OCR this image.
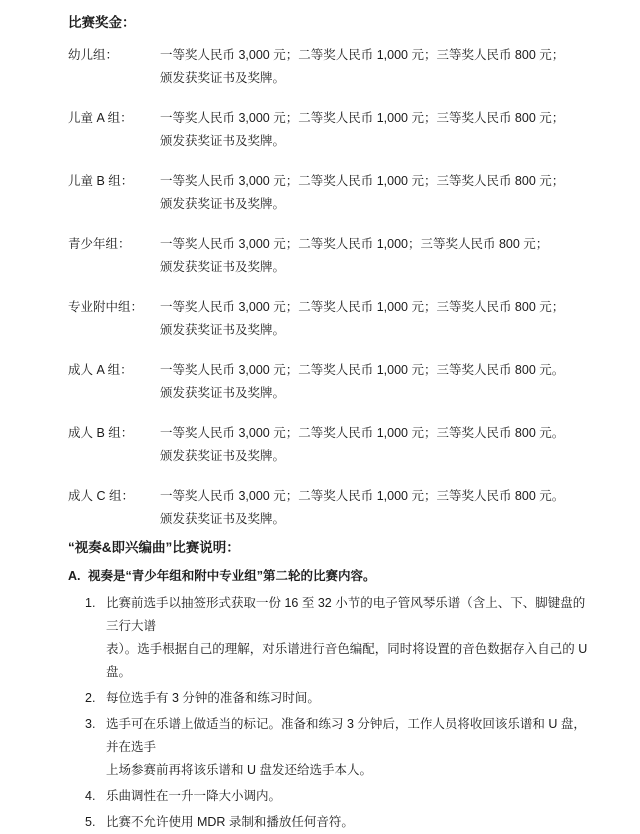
比赛奖金：
幼儿组：	一等奖人民币 3,000 元；二等奖人民币 1,000 元；三等奖人民币 800 元；
颁发获奖证书及奖牌。
儿童 A 组：	一等奖人民币 3,000 元；二等奖人民币 1,000 元；三等奖人民币 800 元；
颁发获奖证书及奖牌。
儿童 B 组：	一等奖人民币 3,000 元；二等奖人民币 1,000 元；三等奖人民币 800 元；
颁发获奖证书及奖牌。
青少年组：	一等奖人民币 3,000 元；二等奖人民币 1,000；三等奖人民币 800 元；
颁发获奖证书及奖牌。
专业附中组：	一等奖人民币 3,000 元；二等奖人民币 1,000 元；三等奖人民币 800 元；
颁发获奖证书及奖牌。
成人 A 组：	一等奖人民币 3,000 元；二等奖人民币 1,000 元；三等奖人民币 800 元。
颁发获奖证书及奖牌。
成人 B 组：	一等奖人民币 3,000 元；二等奖人民币 1,000 元；三等奖人民币 800 元。
颁发获奖证书及奖牌。
成人 C 组：	一等奖人民币 3,000 元；二等奖人民币 1,000 元；三等奖人民币 800 元。
颁发获奖证书及奖牌。
“视奏&即兴编曲”比赛说明：
A. 视奏是“青少年组和附中专业组”第二轮的比赛内容。
1. 比赛前选手以抽签形式获取一份 16 至 32 小节的电子管风琴乐谱（含上、下、脚键盘的三行大谱
表）。选手根据自己的理解，对乐谱进行音色编配，同时将设置的音色数据存入自己的 U 盘。
2. 每位选手有 3 分钟的准备和练习时间。
3. 选手可在乐谱上做适当的标记。准备和练习 3 分钟后，工作人员将收回该乐谱和 U 盘，并在选手
上场参赛前再将该乐谱和 U 盘发还给选手本人。
4. 乐曲调性在一升一降大小调内。
5. 比赛不允许使用 MDR 录制和播放任何音符。
